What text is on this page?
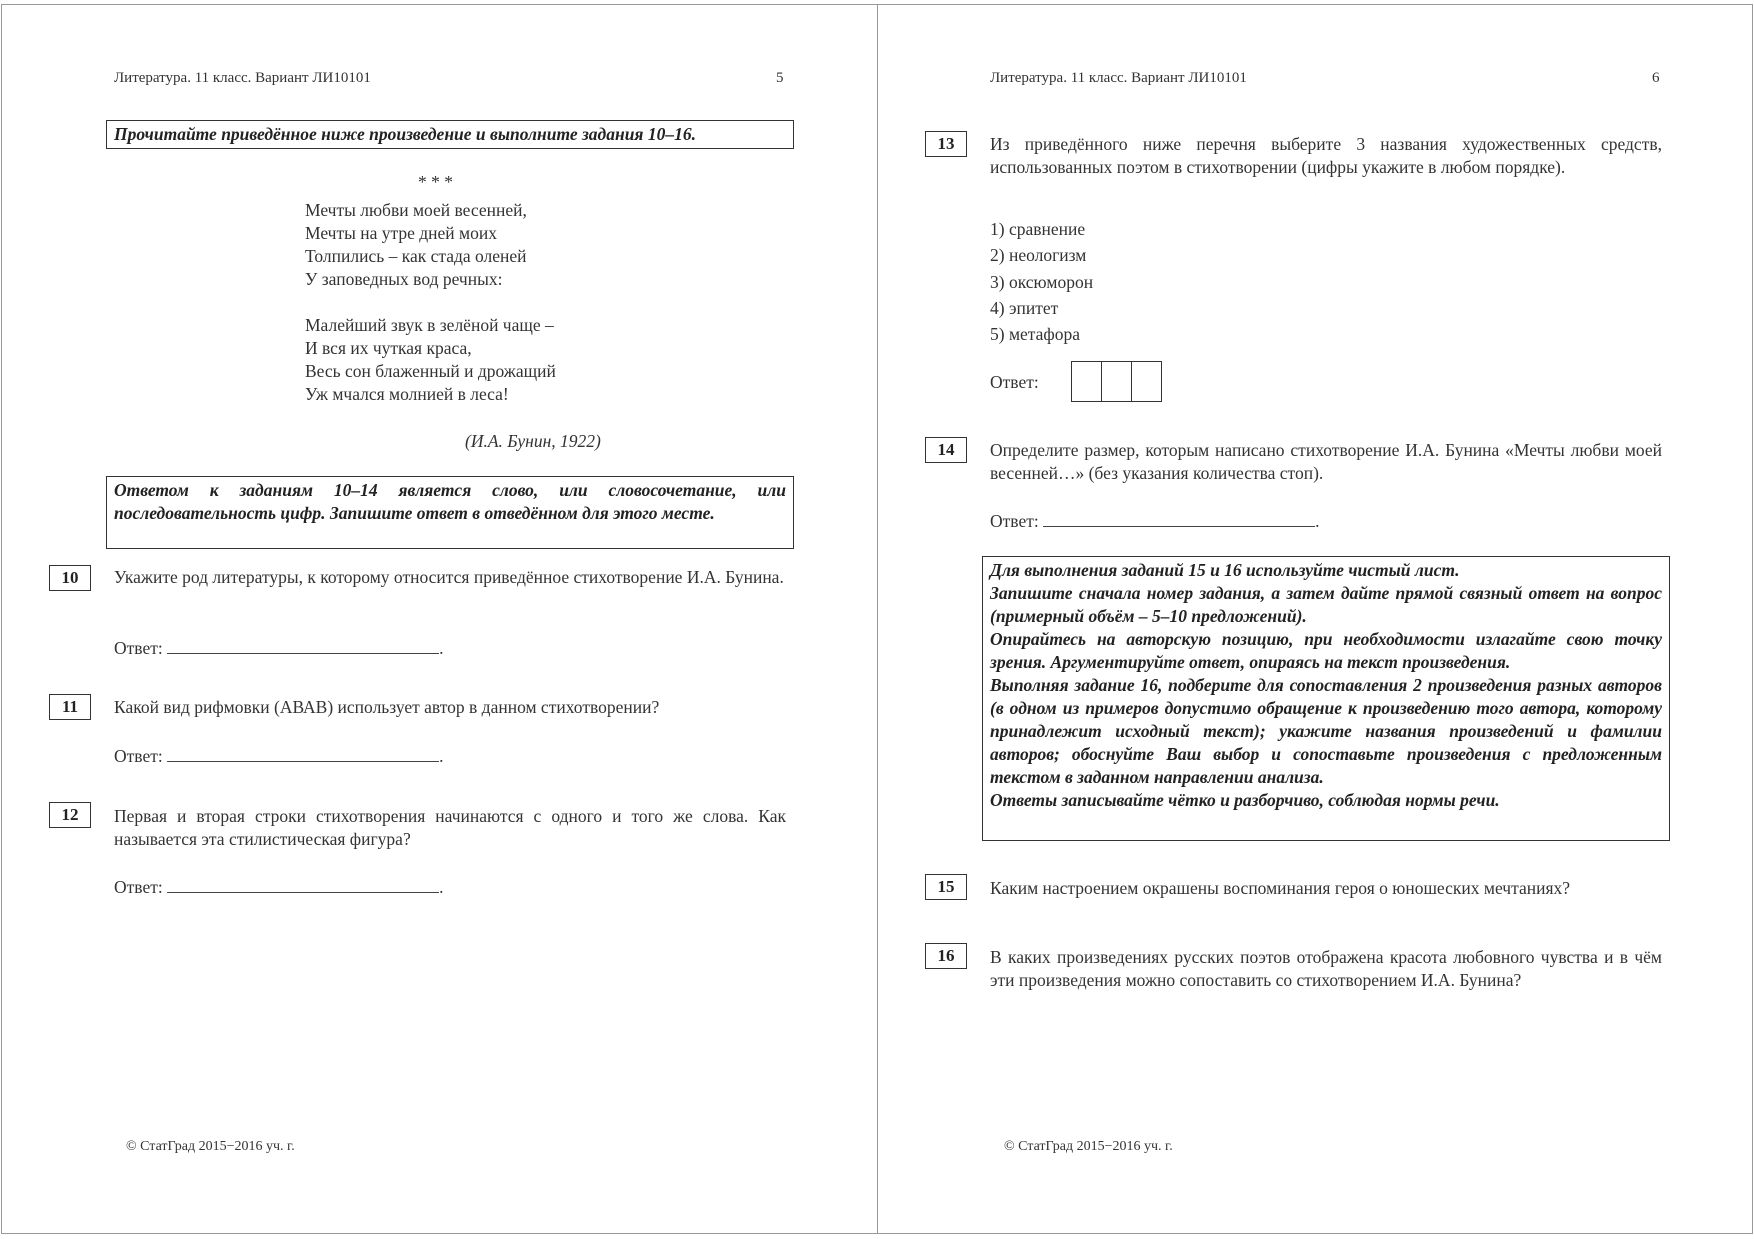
Литература. 11 класс. Вариант ЛИ10101	5
Прочитайте приведённое ниже произведение и выполните задания 10–16.
* * *
Мечты любви моей весенней,
Мечты на утре дней моих
Толпились – как стада оленей
У заповедных вод речных:
Малейший звук в зелёной чаще –
И вся их чуткая краса,
Весь сон блаженный и дрожащий
Уж мчался молнией в леса!
(И.А. Бунин, 1922)
Ответом к заданиям 10–14 является слово, или словосочетание, или последовательность цифр. Запишите ответ в отведённом для этого месте.
10	Укажите род литературы, к которому относится приведённое стихотворение И.А. Бунина.
Ответ:	.
11	Какой вид рифмовки (АВАВ) использует автор в данном стихотворении?
Ответ:	.
12	Первая и вторая строки стихотворения начинаются с одного и того же слова. Как называется эта стилистическая фигура?
Ответ:	.
© СтатГрад 2015−2016 уч. г.
Литература. 11 класс. Вариант ЛИ10101	6
13	Из приведённого ниже перечня выберите 3 названия художественных средств, использованных поэтом в стихотворении (цифры укажите в любом порядке).
1) сравнение
2) неологизм
3) оксюморон
4) эпитет
5) метафора
Ответ:
14	Определите размер, которым написано стихотворение И.А. Бунина «Мечты любви моей весенней…» (без указания количества стоп).
Ответ:	.
Для выполнения заданий 15 и 16 используйте чистый лист.
Запишите сначала номер задания, а затем дайте прямой связный ответ на вопрос (примерный объём – 5–10 предложений).
Опирайтесь на авторскую позицию, при необходимости излагайте свою точку зрения. Аргументируйте ответ, опираясь на текст произведения.
Выполняя задание 16, подберите для сопоставления 2 произведения разных авторов (в одном из примеров допустимо обращение к произведению того автора, которому принадлежит исходный текст); укажите названия произведений и фамилии авторов; обоснуйте Ваш выбор и сопоставьте произведения с предложенным текстом в заданном направлении анализа.
Ответы записывайте чётко и разборчиво, соблюдая нормы речи.
15	Каким настроением окрашены воспоминания героя о юношеских мечтаниях?
16	В каких произведениях русских поэтов отображена красота любовного чувства и в чём эти произведения можно сопоставить со стихотворением И.А. Бунина?
© СтатГрад 2015−2016 уч. г.
